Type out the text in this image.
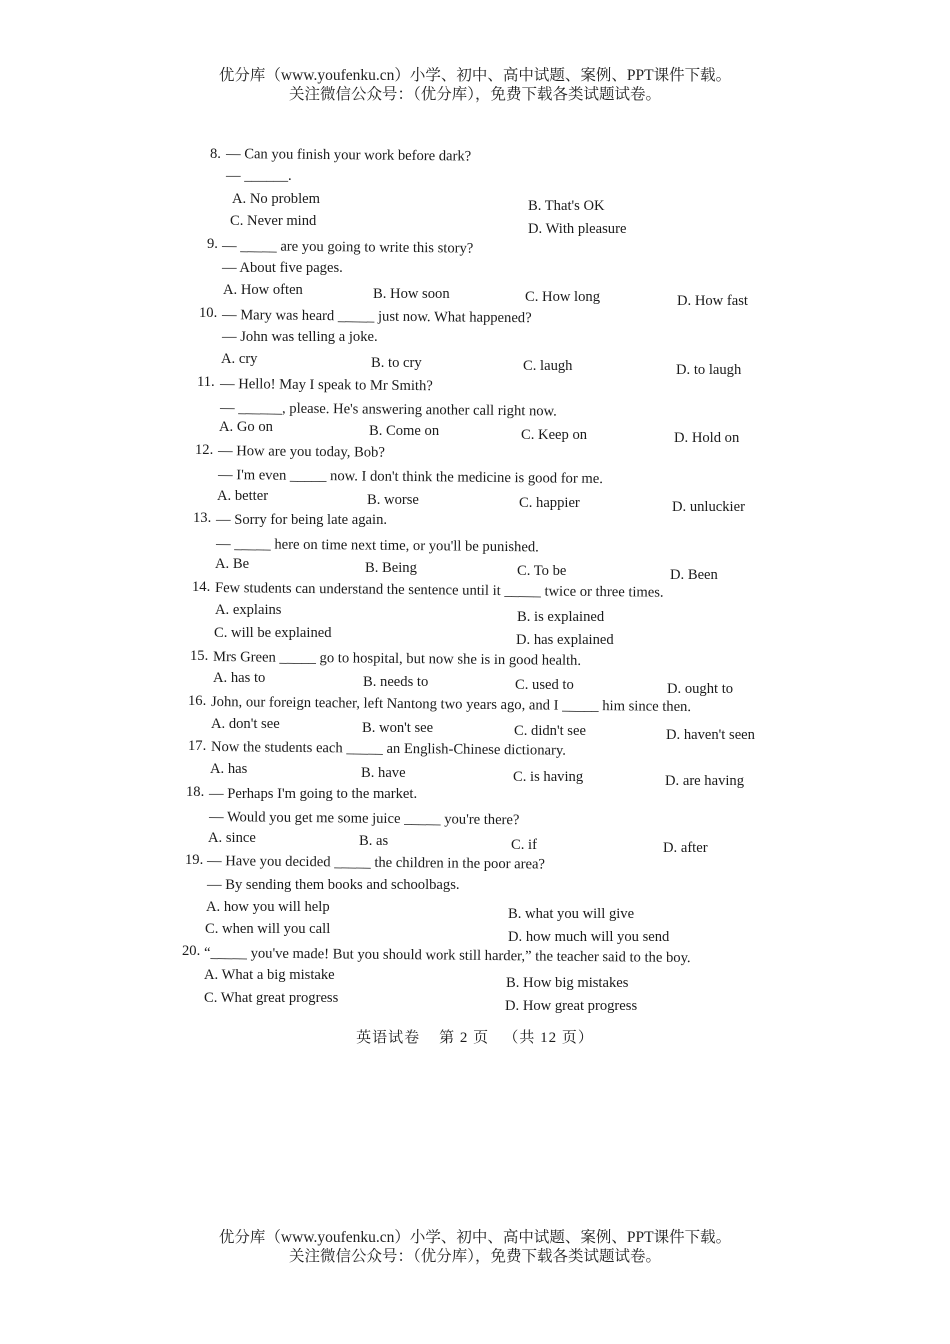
优分库（www.youfenku.cn）小学、初中、高中试题、案例、PPT课件下载。
关注微信公众号：（优分库），免费下载各类试题试卷。
8. — Can you finish your work before dark?
— ______.
A. No problem	B. That's OK
C. Never mind	D. With pleasure
9. — _____ are you going to write this story?
— About five pages.
A. How often	B. How soon	C. How long	D. How fast
10. — Mary was heard _____ just now. What happened?
— John was telling a joke.
A. cry	B. to cry	C. laugh	D. to laugh
11. — Hello! May I speak to Mr Smith?
— ______, please. He's answering another call right now.
A. Go on	B. Come on	C. Keep on	D. Hold on
12. — How are you today, Bob?
— I'm even _____ now. I don't think the medicine is good for me.
A. better	B. worse	C. happier	D. unluckier
13. — Sorry for being late again.
— _____ here on time next time, or you'll be punished.
A. Be	B. Being	C. To be	D. Been
14. Few students can understand the sentence until it _____ twice or three times.
A. explains	B. is explained
C. will be explained	D. has explained
15. Mrs Green _____ go to hospital, but now she is in good health.
A. has to	B. needs to	C. used to	D. ought to
16. John, our foreign teacher, left Nantong two years ago, and I _____ him since then.
A. don't see	B. won't see	C. didn't see	D. haven't seen
17. Now the students each _____ an English-Chinese dictionary.
A. has	B. have	C. is having	D. are having
18. — Perhaps I'm going to the market.
— Would you get me some juice _____ you're there?
A. since	B. as	C. if	D. after
19. — Have you decided _____ the children in the poor area?
— By sending them books and schoolbags.
A. how you will help	B. what you will give
C. when will you call	D. how much will you send
20. “_____ you've made! But you should work still harder,” the teacher said to the boy.
A. What a big mistake	B. How big mistakes
C. What great progress	D. How great progress
英语试卷 第 2 页 （共 12 页）
优分库（www.youfenku.cn）小学、初中、高中试题、案例、PPT课件下载。
关注微信公众号：（优分库），免费下载各类试题试卷。
